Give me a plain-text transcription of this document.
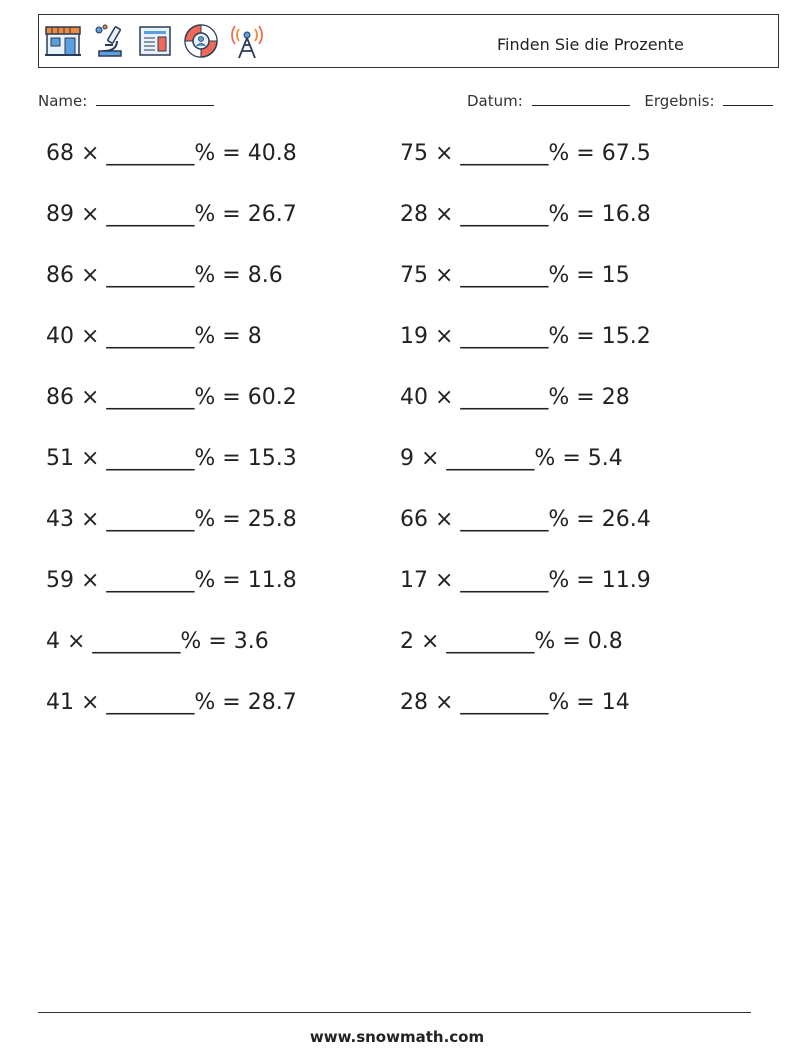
Finden Sie die Prozente
Name:	Datum:	Ergebnis:
68 × ________% = 40.8	75 × ________% = 67.5
89 × ________% = 26.7	28 × ________% = 16.8
86 × ________% = 8.6	75 × ________% = 15
40 × ________% = 8	19 × ________% = 15.2
86 × ________% = 60.2	40 × ________% = 28
51 × ________% = 15.3	9 × ________% = 5.4
43 × ________% = 25.8	66 × ________% = 26.4
59 × ________% = 11.8	17 × ________% = 11.9
4 × ________% = 3.6	2 × ________% = 0.8
41 × ________% = 28.7	28 × ________% = 14
www.snowmath.com
